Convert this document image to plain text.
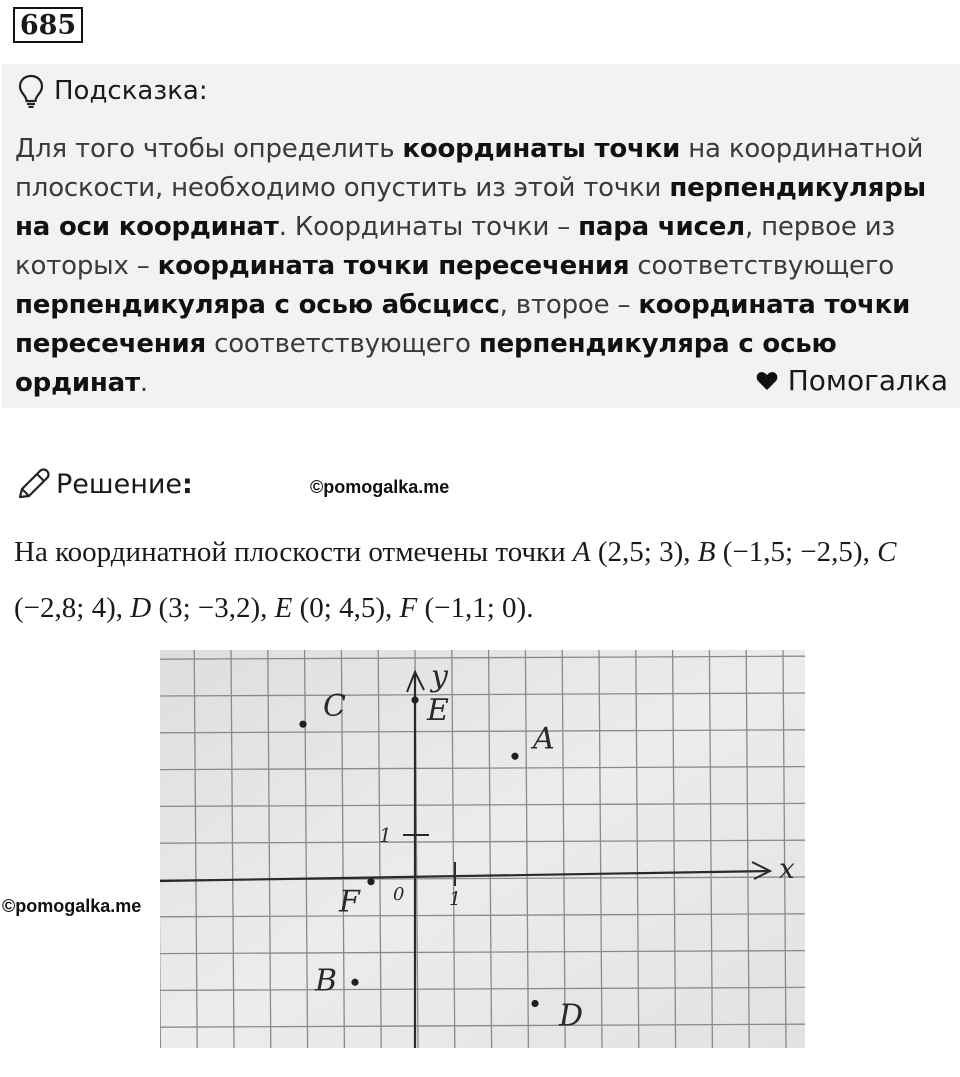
685
Подсказка:
Для того чтобы определить координаты точки на координатной плоскости, необходимо опустить из этой точки перпендикуляры на оси координат. Координаты точки – пара чисел, первое из которых – координата точки пересечения соответствующего перпендикуляра с осью абсцисс, второе – координата точки пересечения соответствующего перпендикуляра с осью ординат.	Помогалка
Решение :	©pomogalka.me
На координатной плоскости отмечены точки A (2,5; 3), B (−1,5; −2,5), C (−2,8; 4), D (3; −3,2), E (0; 4,5), F (−1,1; 0).
©pomogalka.me
x
y
0 1
1
A
B
C
D
E
F
